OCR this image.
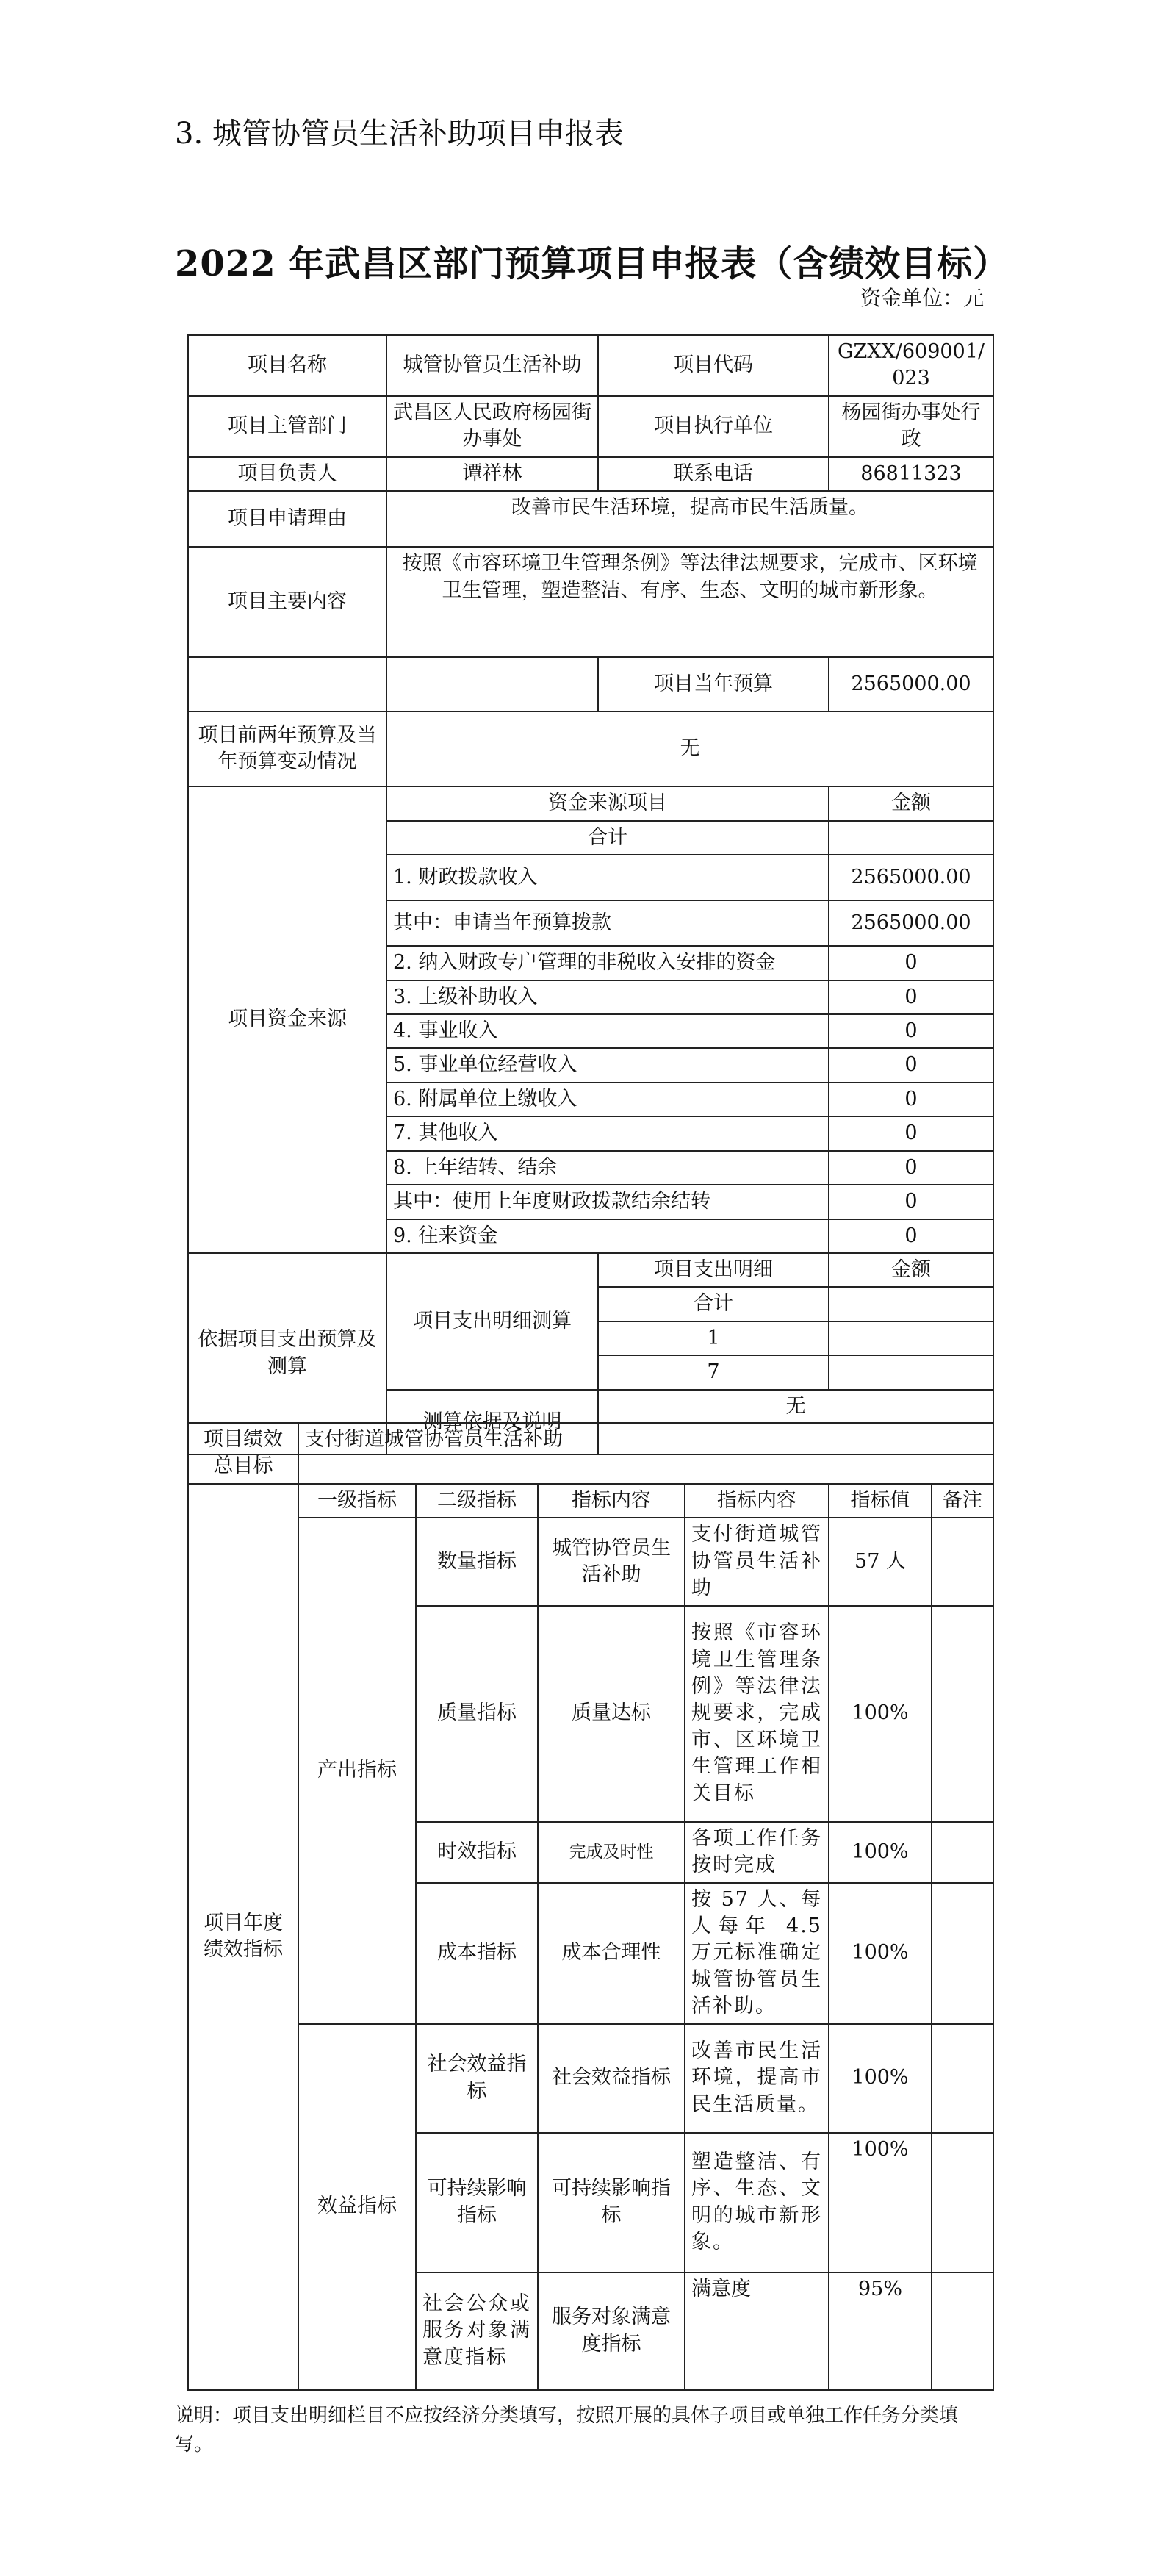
3. 城管协管员生活补助项目申报表
2022 年武昌区部门预算项目申报表（含绩效目标）
资金单位：元
项目名称	城管协管员生活补助	项目代码	GZXX/609001/023
项目主管部门	武昌区人民政府杨园街办事处	项目执行单位	杨园街办事处行政
项目负责人	谭祥林	联系电话	86811323
项目申请理由	改善市民生活环境，提高市民生活质量。		
项目主要内容	按照《市容环境卫生管理条例》等法律法规要求，完成市、区环境卫生管理，塑造整洁、有序、生态、文明的城市新形象。		
		项目当年预算	2565000.00
项目前两年预算及当年预算变动情况	无		
项目资金来源	资金来源项目		金额
	合计		
	1. 财政拨款收入		2565000.00
	其中：申请当年预算拨款		2565000.00
	2. 纳入财政专户管理的非税收入安排的资金		0
	3. 上级补助收入		0
	4. 事业收入		0
	5. 事业单位经营收入		0
	6. 附属单位上缴收入		0
	7. 其他收入		0
	8. 上年结转、结余		0
	其中：使用上年度财政拨款结余结转		0
	9. 往来资金		0
依据项目支出预算及测算	项目支出明细测算	项目支出明细	金额
		合计	
		1	
		7	
	测算依据及说明	无	
项目绩效总目标	支付街道城管协管员生活补助					
项目年度绩效指标	一级指标	二级指标	指标内容	指标内容	指标值	备注
	产出指标	数量指标	城管协管员生活补助	支付街道城管协管员生活补助	57 人	
		质量指标	质量达标	按照《市容环境卫生管理条例》等法律法规要求，完成市、区环境卫生管理工作相关目标	100%	
		时效指标	完成及时性	各项工作任务按时完成	100%	
		成本指标	成本合理性	按 57 人、每人每年 4.5 万元标准确定城管协管员生活补助。	100%	
	效益指标	社会效益指标	社会效益指标	改善市民生活环境，提高市民生活质量。	100%	
		可持续影响指标	可持续影响指标	塑造整洁、有序、生态、文明的城市新形象。	100%	
		社会公众或服务对象满意度指标	服务对象满意度指标	满意度	95%	
说明：项目支出明细栏目不应按经济分类填写，按照开展的具体子项目或单独工作任务分类填写。
